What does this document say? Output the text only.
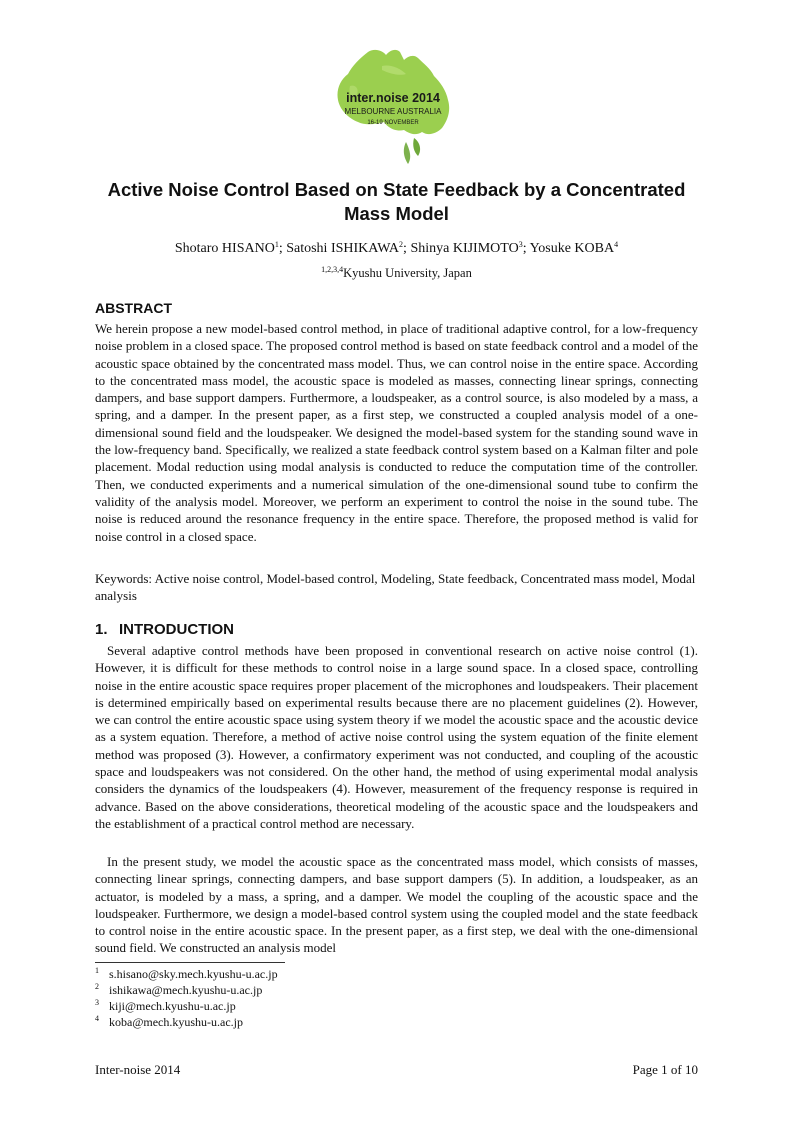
inter.noise 2014
MELBOURNE AUSTRALIA
16-19 NOVEMBER
Active Noise Control Based on State Feedback by a Concentrated Mass Model
Shotaro HISANO$^1$; Satoshi ISHIKAWA$^2$; Shinya KIJIMOTO$^3$; Yosuke KOBA$^4$
$^{1,2,3,4}$Kyushu University, Japan
ABSTRACT

We herein propose a new model-based control method, in place of traditional adaptive control, for a low-frequency noise problem in a closed space. The proposed control method is based on state feedback control and a model of the acoustic space obtained by the concentrated mass model. Thus, we can control noise in the entire space. According to the concentrated mass model, the acoustic space is modeled as masses, connecting linear springs, connecting dampers, and base support dampers. Furthermore, a loudspeaker, as a control source, is also modeled by a mass, a spring, and a damper. In the present paper, as a first step, we constructed a coupled analysis model of a one-dimensional sound field and the loudspeaker. We designed the model-based system for the standing sound wave in the low-frequency band. Specifically, we realized a state feedback control system based on a Kalman filter and pole placement. Modal reduction using modal analysis is conducted to reduce the computation time of the controller. Then, we conducted experiments and a numerical simulation of the one-dimensional sound tube to confirm the validity of the analysis model. Moreover, we perform an experiment to control the noise in the sound tube. The noise is reduced around the resonance frequency in the entire space. Therefore, the proposed method is valid for noise control in a closed space.

Keywords: Active noise control, Model-based control, Modeling, State feedback, Concentrated mass model, Modal analysis

1. INTRODUCTION

Several adaptive control methods have been proposed in conventional research on active noise control (1). However, it is difficult for these methods to control noise in a large sound space. In a closed space, controlling noise in the entire acoustic space requires proper placement of the microphones and loudspeakers. Their placement is determined empirically based on experimental results because there are no placement guidelines (2). However, we can control the entire acoustic space using system theory if we model the acoustic space and the acoustic device as a system equation. Therefore, a method of active noise control using the system equation of the finite element method was proposed (3). However, a confirmatory experiment was not conducted, and coupling of the acoustic space and loudspeakers was not considered. On the other hand, the method of using experimental modal analysis considers the dynamics of the loudspeakers (4). However, measurement of the frequency response is required in advance. Based on the above considerations, theoretical modeling of the acoustic space and the loudspeakers and the establishment of a practical control method are necessary.

In the present study, we model the acoustic space as the concentrated mass model, which consists of masses, connecting linear springs, connecting dampers, and base support dampers (5). In addition, a loudspeaker, as an actuator, is modeled by a mass, a spring, and a damper. We model the coupling of the acoustic space and the loudspeaker. Furthermore, we design a model-based control system using the coupled model and the state feedback to control noise in the entire acoustic space. In the present paper, as a first step, we deal with the one-dimensional sound field. We constructed an analysis model

$^1$ s.hisano@sky.mech.kyushu-u.ac.jp
$^2$ ishikawa@mech.kyushu-u.ac.jp
$^3$ kiji@mech.kyushu-u.ac.jp
$^4$ koba@mech.kyushu-u.ac.jp
Inter-noise 2014	Page 1 of 10
